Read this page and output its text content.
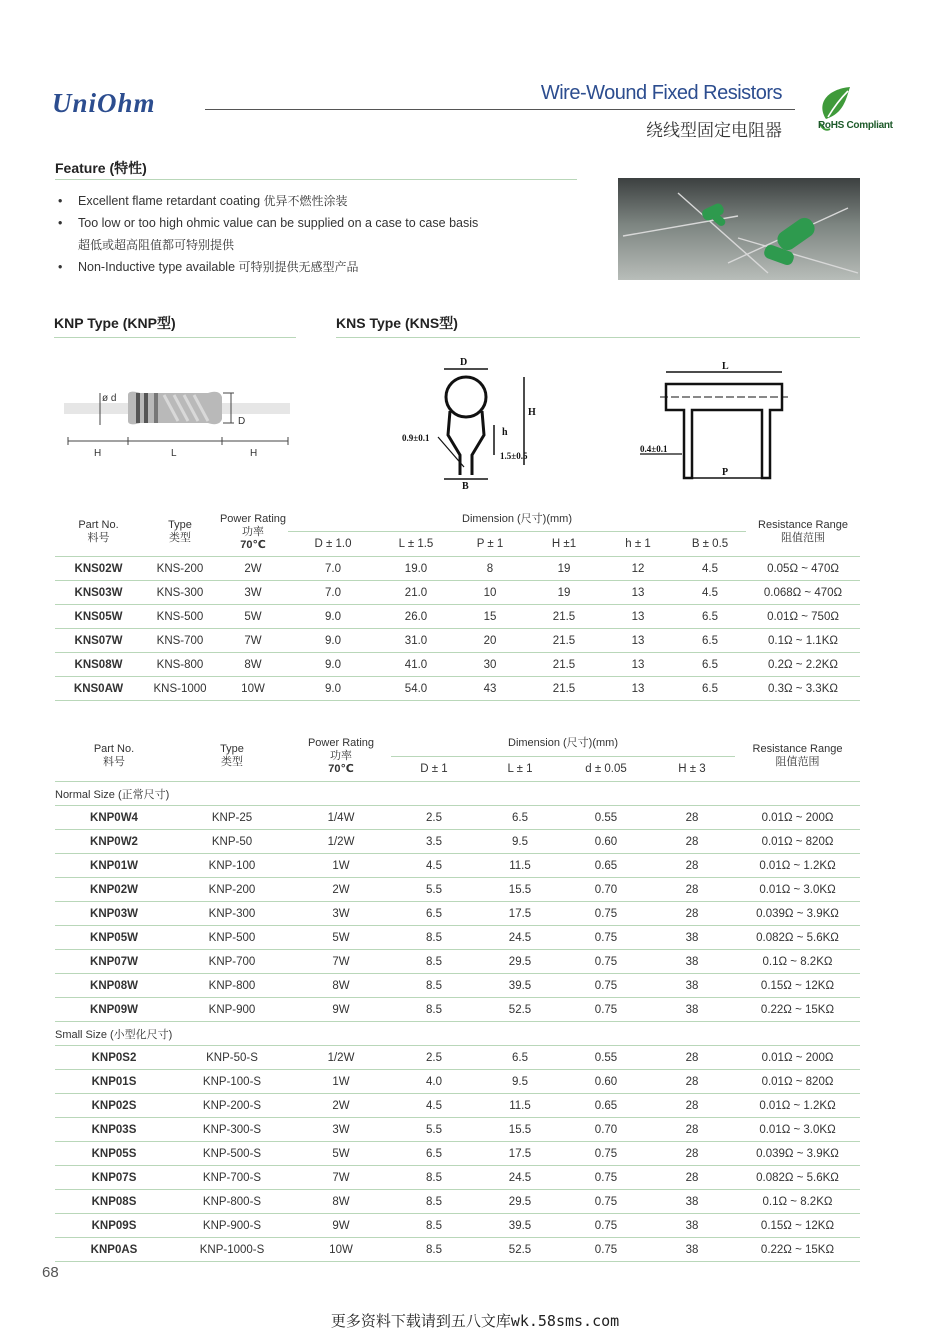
UniOhm	Wire-Wound Fixed Resistors
绕线型固定电阻器	RoHS Compliant
Feature (特性)
• Excellent flame retardant coating 优异不燃性涂装
• Too low or too high ohmic value can be supplied on a case to case basis
超低或超高阻值都可特别提供
• Non-Inductive type available 可特别提供无感型产品
KNP Type (KNP型)	KNS Type (KNS型)
ø d
D
H	L	H
D
H
h
0.9±0.1
1.5±0.5
B
L
0.4±0.1
P
Part No.
料号	Type
类型	Power Rating
功率
70℃	Dimension (尺寸)(mm)						Resistance Range
阻值范围
			D ± 1.0	L ± 1.5	P ± 1	H ±1	h ± 1	B ± 0.5	
KNS02W	KNS-200	2W	7.0	19.0	8	19	12	4.5	0.05Ω ~ 470Ω
KNS03W	KNS-300	3W	7.0	21.0	10	19	13	4.5	0.068Ω ~ 470Ω
KNS05W	KNS-500	5W	9.0	26.0	15	21.5	13	6.5	0.01Ω ~ 750Ω
KNS07W	KNS-700	7W	9.0	31.0	20	21.5	13	6.5	0.1Ω ~ 1.1KΩ
KNS08W	KNS-800	8W	9.0	41.0	30	21.5	13	6.5	0.2Ω ~ 2.2KΩ
KNS0AW	KNS-1000	10W	9.0	54.0	43	21.5	13	6.5	0.3Ω ~ 3.3KΩ
Part No.
料号	Type
类型	Power Rating
功率
70℃	Dimension (尺寸)(mm)				Resistance Range
阻值范围
			D ± 1	L ± 1	d ± 0.05	H ± 3	
Normal Size (正常尺寸)							
KNP0W4	KNP-25	1/4W	2.5	6.5	0.55	28	0.01Ω ~ 200Ω
KNP0W2	KNP-50	1/2W	3.5	9.5	0.60	28	0.01Ω ~ 820Ω
KNP01W	KNP-100	1W	4.5	11.5	0.65	28	0.01Ω ~ 1.2KΩ
KNP02W	KNP-200	2W	5.5	15.5	0.70	28	0.01Ω ~ 3.0KΩ
KNP03W	KNP-300	3W	6.5	17.5	0.75	28	0.039Ω ~ 3.9KΩ
KNP05W	KNP-500	5W	8.5	24.5	0.75	38	0.082Ω ~ 5.6KΩ
KNP07W	KNP-700	7W	8.5	29.5	0.75	38	0.1Ω ~ 8.2KΩ
KNP08W	KNP-800	8W	8.5	39.5	0.75	38	0.15Ω ~ 12KΩ
KNP09W	KNP-900	9W	8.5	52.5	0.75	38	0.22Ω ~ 15KΩ
Small Size (小型化尺寸)							
KNP0S2	KNP-50-S	1/2W	2.5	6.5	0.55	28	0.01Ω ~ 200Ω
KNP01S	KNP-100-S	1W	4.0	9.5	0.60	28	0.01Ω ~ 820Ω
KNP02S	KNP-200-S	2W	4.5	11.5	0.65	28	0.01Ω ~ 1.2KΩ
KNP03S	KNP-300-S	3W	5.5	15.5	0.70	28	0.01Ω ~ 3.0KΩ
KNP05S	KNP-500-S	5W	6.5	17.5	0.75	28	0.039Ω ~ 3.9KΩ
KNP07S	KNP-700-S	7W	8.5	24.5	0.75	28	0.082Ω ~ 5.6KΩ
KNP08S	KNP-800-S	8W	8.5	29.5	0.75	38	0.1Ω ~ 8.2KΩ
KNP09S	KNP-900-S	9W	8.5	39.5	0.75	38	0.15Ω ~ 12KΩ
KNP0AS	KNP-1000-S	10W	8.5	52.5	0.75	38	0.22Ω ~ 15KΩ
68
更多资料下载请到五八文库wk.58sms.com
